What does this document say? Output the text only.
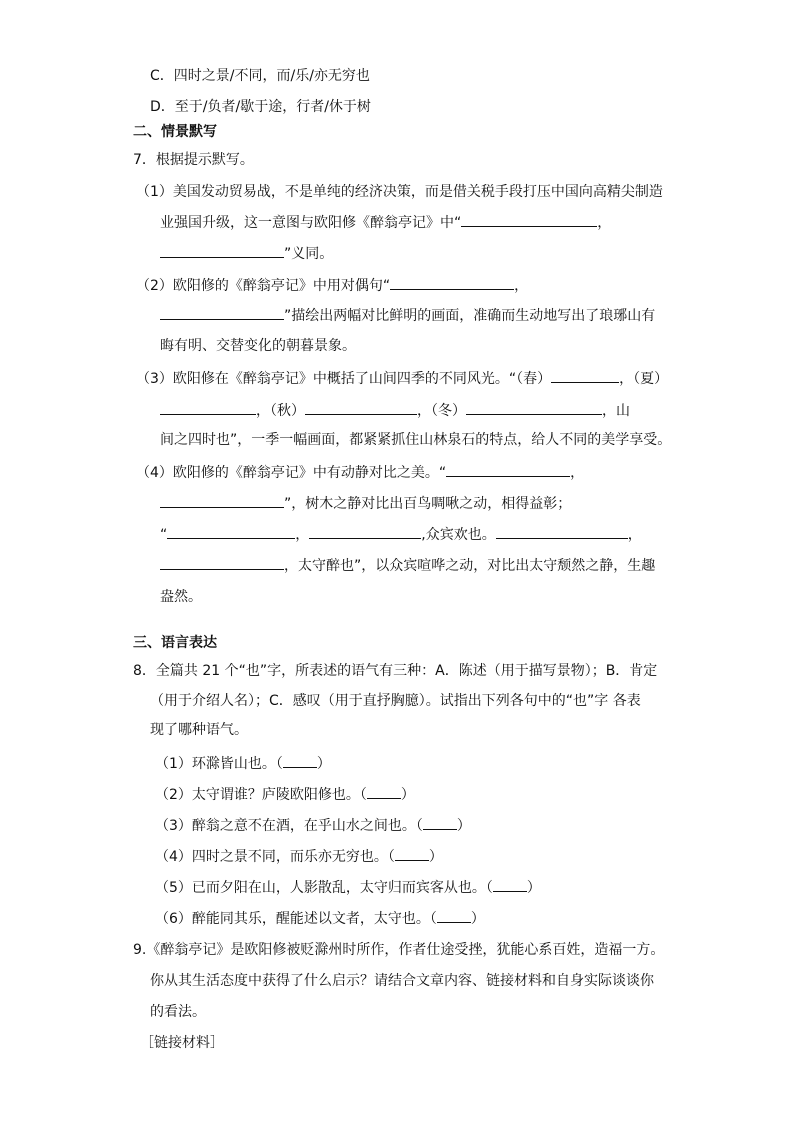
C．四时之景/不同，而/乐/亦无穷也
D．至于/负者/歇于途，行者/休于树
二、情景默写
7．根据提示默写。
（1）美国发动贸易战，不是单纯的经济决策，而是借关税手段打压中国向高精尖制造
业强国升级，这一意图与欧阳修《醉翁亭记》中“	，
”义同。
（2）欧阳修的《醉翁亭记》中用对偶句“	，
”描绘出两幅对比鲜明的画面，准确而生动地写出了琅琊山有
晦有明、交替变化的朝暮景象。
（3）欧阳修在《醉翁亭记》中概括了山间四季的不同风光。“（春）	，（夏）
，（秋）	，（冬）	，山
间之四时也”，一季一幅画面，都紧紧抓住山林泉石的特点，给人不同的美学享受。
（4）欧阳修的《醉翁亭记》中有动静对比之美。“	，
”，树木之静对比出百鸟啁啾之动，相得益彰；
“	，	,众宾欢也。	，
，太守醉也”，以众宾喧哗之动，对比出太守颓然之静，生趣
盎然。
三、语言表达
8．全篇共 21 个“也”字，所表述的语气有三种：A．陈述（用于描写景物）；B．肯定
（用于介绍人名）；C．感叹（用于直抒胸臆）。试指出下列各句中的“也”字 各表
现了哪种语气。
（1）环滁皆山也。（ ）
（2）太守谓谁？庐陵欧阳修也。（ ）
（3）醉翁之意不在酒，在乎山水之间也。（ ）
（4）四时之景不同，而乐亦无穷也。（ ）
（5）已而夕阳在山，人影散乱，太守归而宾客从也。（ ）
（6）醉能同其乐，醒能述以文者，太守也。（ ）
9.《醉翁亭记》是欧阳修被贬滁州时所作，作者仕途受挫，犹能心系百姓，造福一方。
你从其生活态度中获得了什么启示？请结合文章内容、链接材料和自身实际谈谈你
的看法。
［链接材料］
